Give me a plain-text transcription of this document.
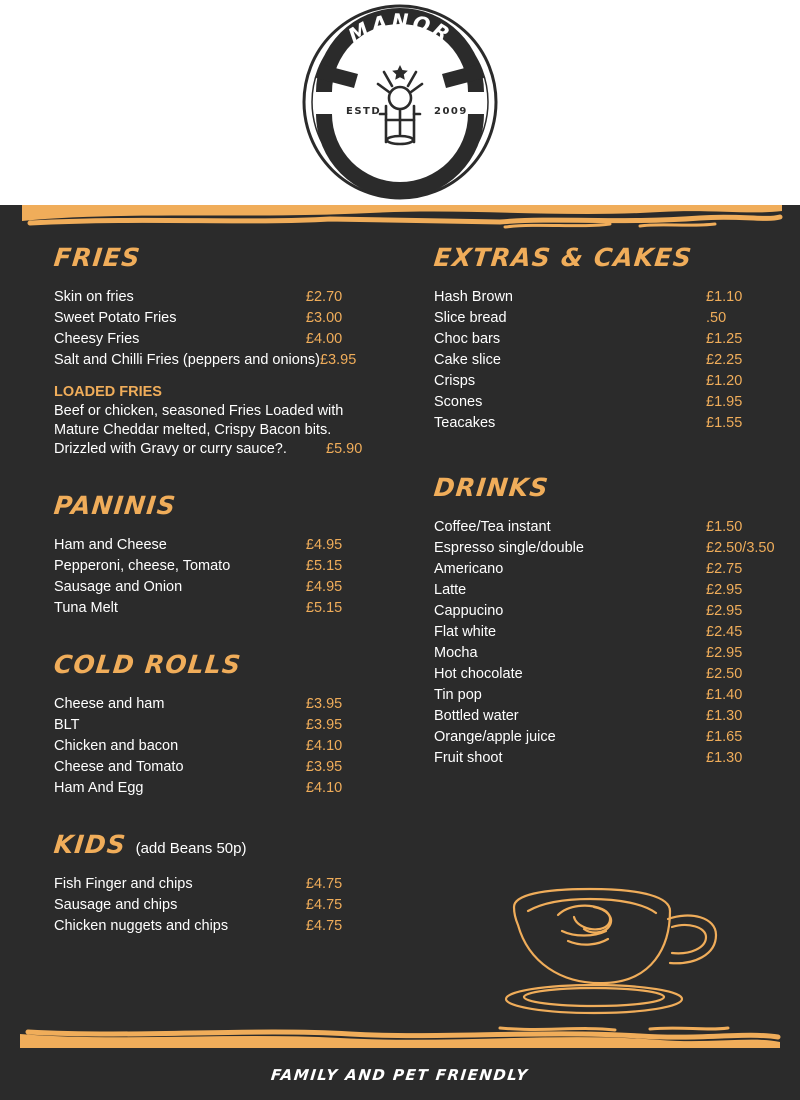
MANOR
FARM CAFE
ESTD	2009
FRIES
Skin on fries	£2.70
Sweet Potato Fries	£3.00
Cheesy Fries	£4.00
Salt and Chilli Fries (peppers and onions) £3.95
LOADED FRIES
Beef or chicken, seasoned Fries Loaded with
Mature Cheddar melted, Crispy Bacon bits.
Drizzled with Gravy or curry sauce?.	£5.90
PANINIS
Ham and Cheese	£4.95
Pepperoni, cheese, Tomato	£5.15
Sausage and Onion	£4.95
Tuna Melt	£5.15
COLD ROLLS
Cheese and ham	£3.95
BLT	£3.95
Chicken and bacon	£4.10
Cheese and Tomato	£3.95
Ham And Egg	£4.10
KIDS (add Beans 50p)
Fish Finger and chips	£4.75
Sausage and chips	£4.75
Chicken nuggets and chips	£4.75
EXTRAS & CAKES
Hash Brown	£1.10
Slice bread	.50
Choc bars	£1.25
Cake slice	£2.25
Crisps	£1.20
Scones	£1.95
Teacakes	£1.55
DRINKS
Coffee/Tea instant	£1.50
Espresso single/double	£2.50/3.50
Americano	£2.75
Latte	£2.95
Cappucino	£2.95
Flat white	£2.45
Mocha	£2.95
Hot chocolate	£2.50
Tin pop	£1.40
Bottled water	£1.30
Orange/apple juice	£1.65
Fruit shoot	£1.30
FAMILY AND PET FRIENDLY
